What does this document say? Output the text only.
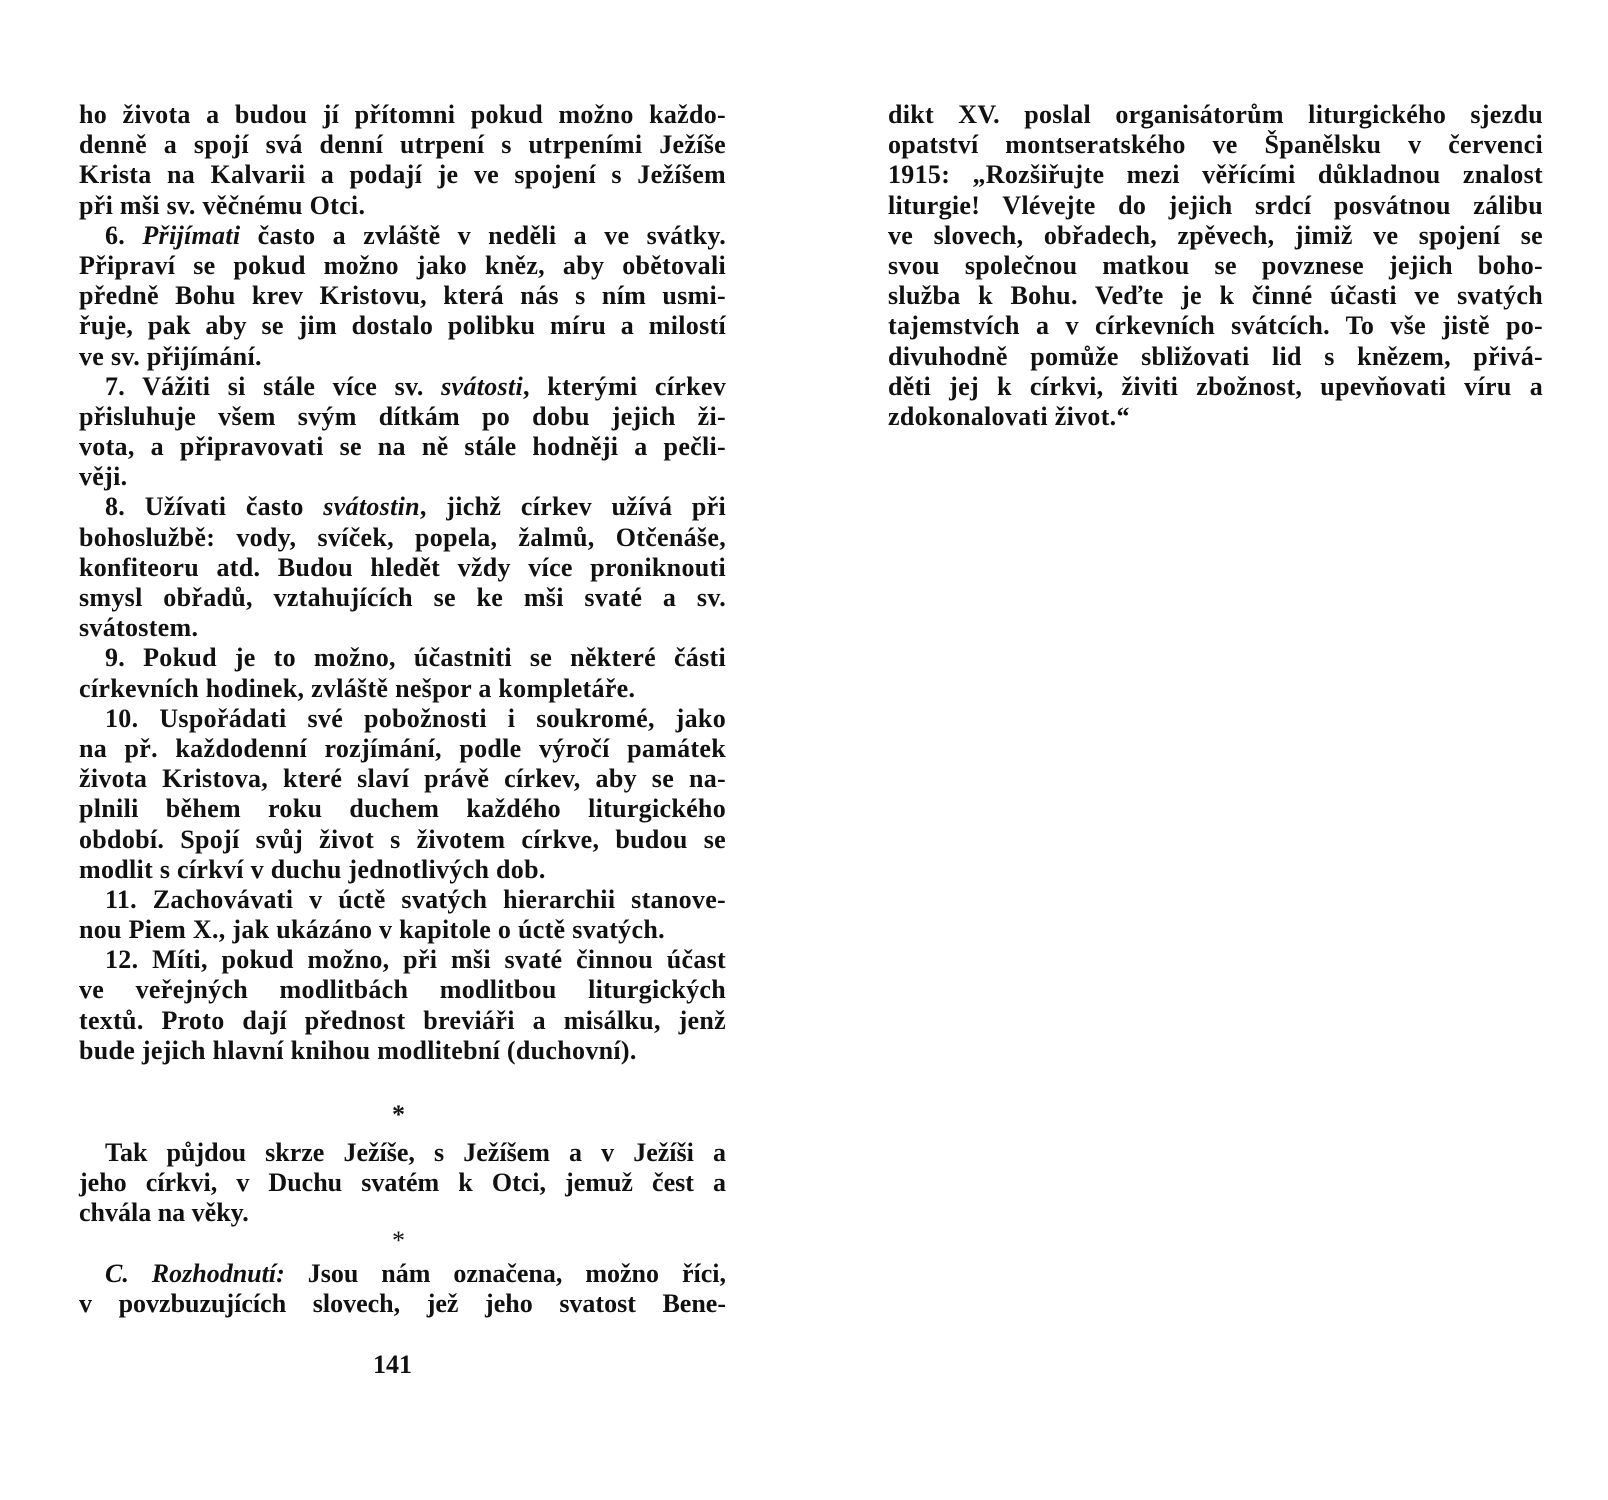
ho života a budou jí přítomni pokud možno každo-
denně a spojí svá denní utrpení s utrpeními Ježíše
Krista na Kalvarii a podají je ve spojení s Ježíšem
při mši sv. věčnému Otci.
6. Přijímati často a zvláště v neděli a ve svátky.
Připraví se pokud možno jako kněz, aby obětovali
předně Bohu krev Kristovu, která nás s ním usmi-
řuje, pak aby se jim dostalo polibku míru a milostí
ve sv. přijímání.
7. Vážiti si stále více sv. svátosti, kterými církev
přisluhuje všem svým dítkám po dobu jejich ži-
vota, a připravovati se na ně stále hodněji a pečli-
věji.
8. Užívati často svátostin, jichž církev užívá při
bohoslužbě: vody, svíček, popela, žalmů, Otčenáše,
konfiteoru atd. Budou hledět vždy více proniknouti
smysl obřadů, vztahujících se ke mši svaté a sv.
svátostem.
9. Pokud je to možno, účastniti se některé části
církevních hodinek, zvláště nešpor a kompletáře.
10. Uspořádati své pobožnosti i soukromé, jako
na př. každodenní rozjímání, podle výročí památek
života Kristova, které slaví právě církev, aby se na-
plnili během roku duchem každého liturgického
období. Spojí svůj život s životem církve, budou se
modlit s církví v duchu jednotlivých dob.
11. Zachovávati v úctě svatých hierarchii stanove-
nou Piem X., jak ukázáno v kapitole o úctě svatých.
12. Míti, pokud možno, při mši svaté činnou účast
ve veřejných modlitbách modlitbou liturgických
textů. Proto dají přednost breviáři a misálku, jenž
bude jejich hlavní knihou modlitební (duchovní).
*
Tak půjdou skrze Ježíše, s Ježíšem a v Ježíši a
jeho církvi, v Duchu svatém k Otci, jemuž čest a
chvála na věky.
*
C. Rozhodnutí: Jsou nám označena, možno říci,
v povzbuzujících slovech, jež jeho svatost Bene-
dikt XV. poslal organisátorům liturgického sjezdu
opatství montseratského ve Španělsku v červenci
1915: „Rozšiřujte mezi věřícími důkladnou znalost
liturgie! Vlévejte do jejich srdcí posvátnou zálibu
ve slovech, obřadech, zpěvech, jimiž ve spojení se
svou společnou matkou se povznese jejich boho-
služba k Bohu. Veďte je k činné účasti ve svatých
tajemstvích a v církevních svátcích. To vše jistě po-
divuhodně pomůže sbližovati lid s knězem, přivá-
děti jej k církvi, živiti zbožnost, upevňovati víru a
zdokonalovati život.“
141
